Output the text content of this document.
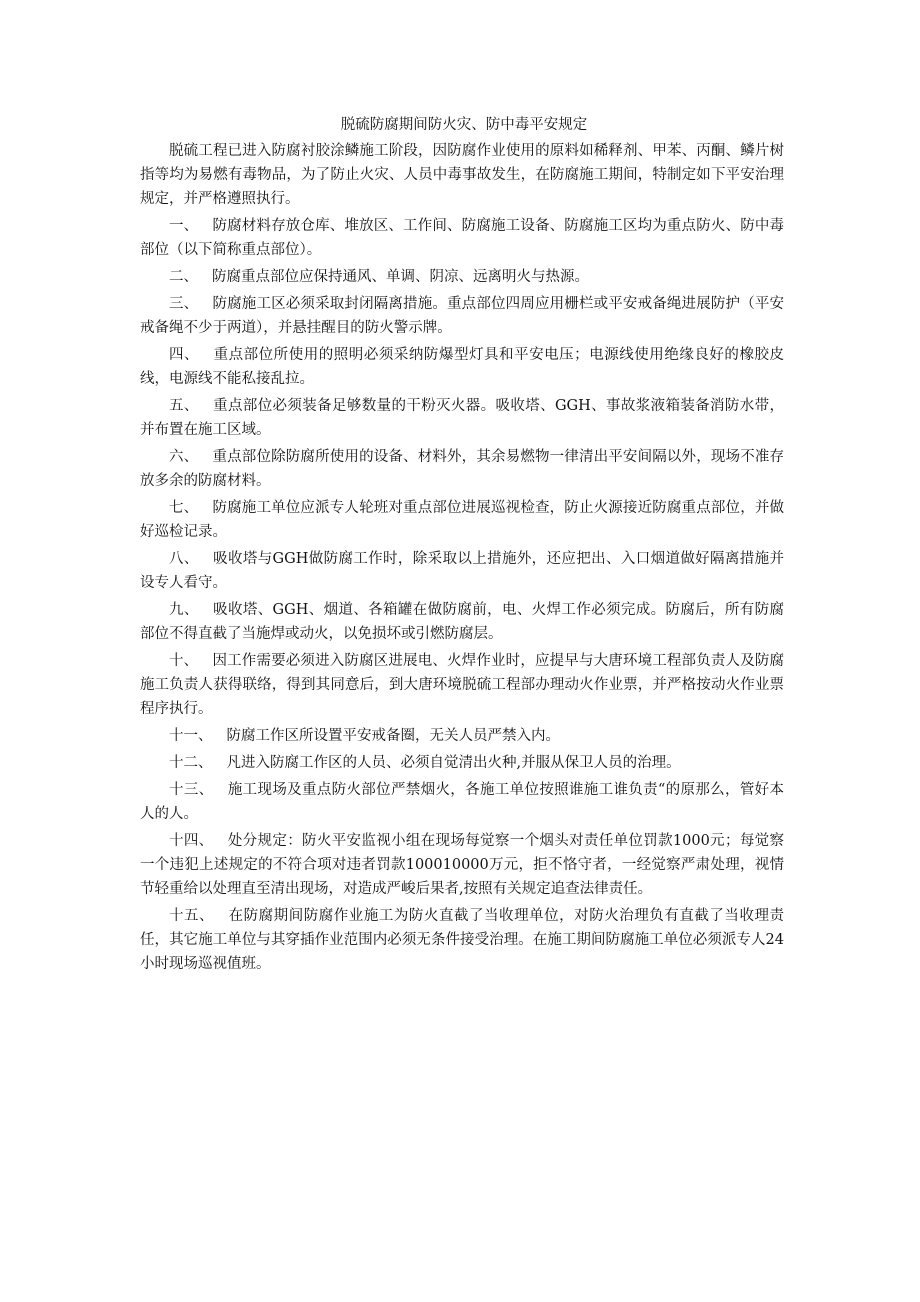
脱硫防腐期间防火灾、防中毒平安规定

脱硫工程已进入防腐衬胶涂鳞施工阶段，因防腐作业使用的原料如稀释剂、甲苯、丙酮、鳞片树指等均为易燃有毒物品，为了防止火灾、人员中毒事故发生，在防腐施工期间，特制定如下平安治理规定，并严格遵照执行。

一、 防腐材料存放仓库、堆放区、工作间、防腐施工设备、防腐施工区均为重点防火、防中毒部位（以下简称重点部位）。

二、 防腐重点部位应保持通风、单调、阴凉、远离明火与热源。

三、 防腐施工区必须采取封闭隔离措施。重点部位四周应用栅栏或平安戒备绳进展防护（平安戒备绳不少于两道），并悬挂醒目的防火警示牌。

四、 重点部位所使用的照明必须采纳防爆型灯具和平安电压；电源线使用绝缘良好的橡胶皮线，电源线不能私接乱拉。

五、 重点部位必须装备足够数量的干粉灭火器。吸收塔、GGH、事故浆液箱装备消防水带，并布置在施工区域。

六、 重点部位除防腐所使用的设备、材料外，其余易燃物一律清出平安间隔以外，现场不准存放多余的防腐材料。

七、 防腐施工单位应派专人轮班对重点部位进展巡视检查，防止火源接近防腐重点部位，并做好巡检记录。

八、 吸收塔与GGH做防腐工作时，除采取以上措施外，还应把出、入口烟道做好隔离措施并设专人看守。

九、 吸收塔、GGH、烟道、各箱罐在做防腐前，电、火焊工作必须完成。防腐后，所有防腐部位不得直截了当施焊或动火，以免损坏或引燃防腐层。

十、 因工作需要必须进入防腐区进展电、火焊作业时，应提早与大唐环境工程部负责人及防腐施工负责人获得联络，得到其同意后，到大唐环境脱硫工程部办理动火作业票，并严格按动火作业票程序执行。

十一、 防腐工作区所设置平安戒备圈，无关人员严禁入内。

十二、 凡进入防腐工作区的人员、必须自觉清出火种,并服从保卫人员的治理。

十三、 施工现场及重点防火部位严禁烟火，各施工单位按照谁施工谁负责“的原那么，管好本人的人。

十四、 处分规定：防火平安监视小组在现场每觉察一个烟头对责任单位罚款1000元；每觉察一个违犯上述规定的不符合项对违者罚款100010000万元，拒不恪守者，一经觉察严肃处理，视情节轻重给以处理直至清出现场，对造成严峻后果者,按照有关规定追查法律责任。

十五、 在防腐期间防腐作业施工为防火直截了当收理单位，对防火治理负有直截了当收理责任，其它施工单位与其穿插作业范围内必须无条件接受治理。在施工期间防腐施工单位必须派专人24小时现场巡视值班。
